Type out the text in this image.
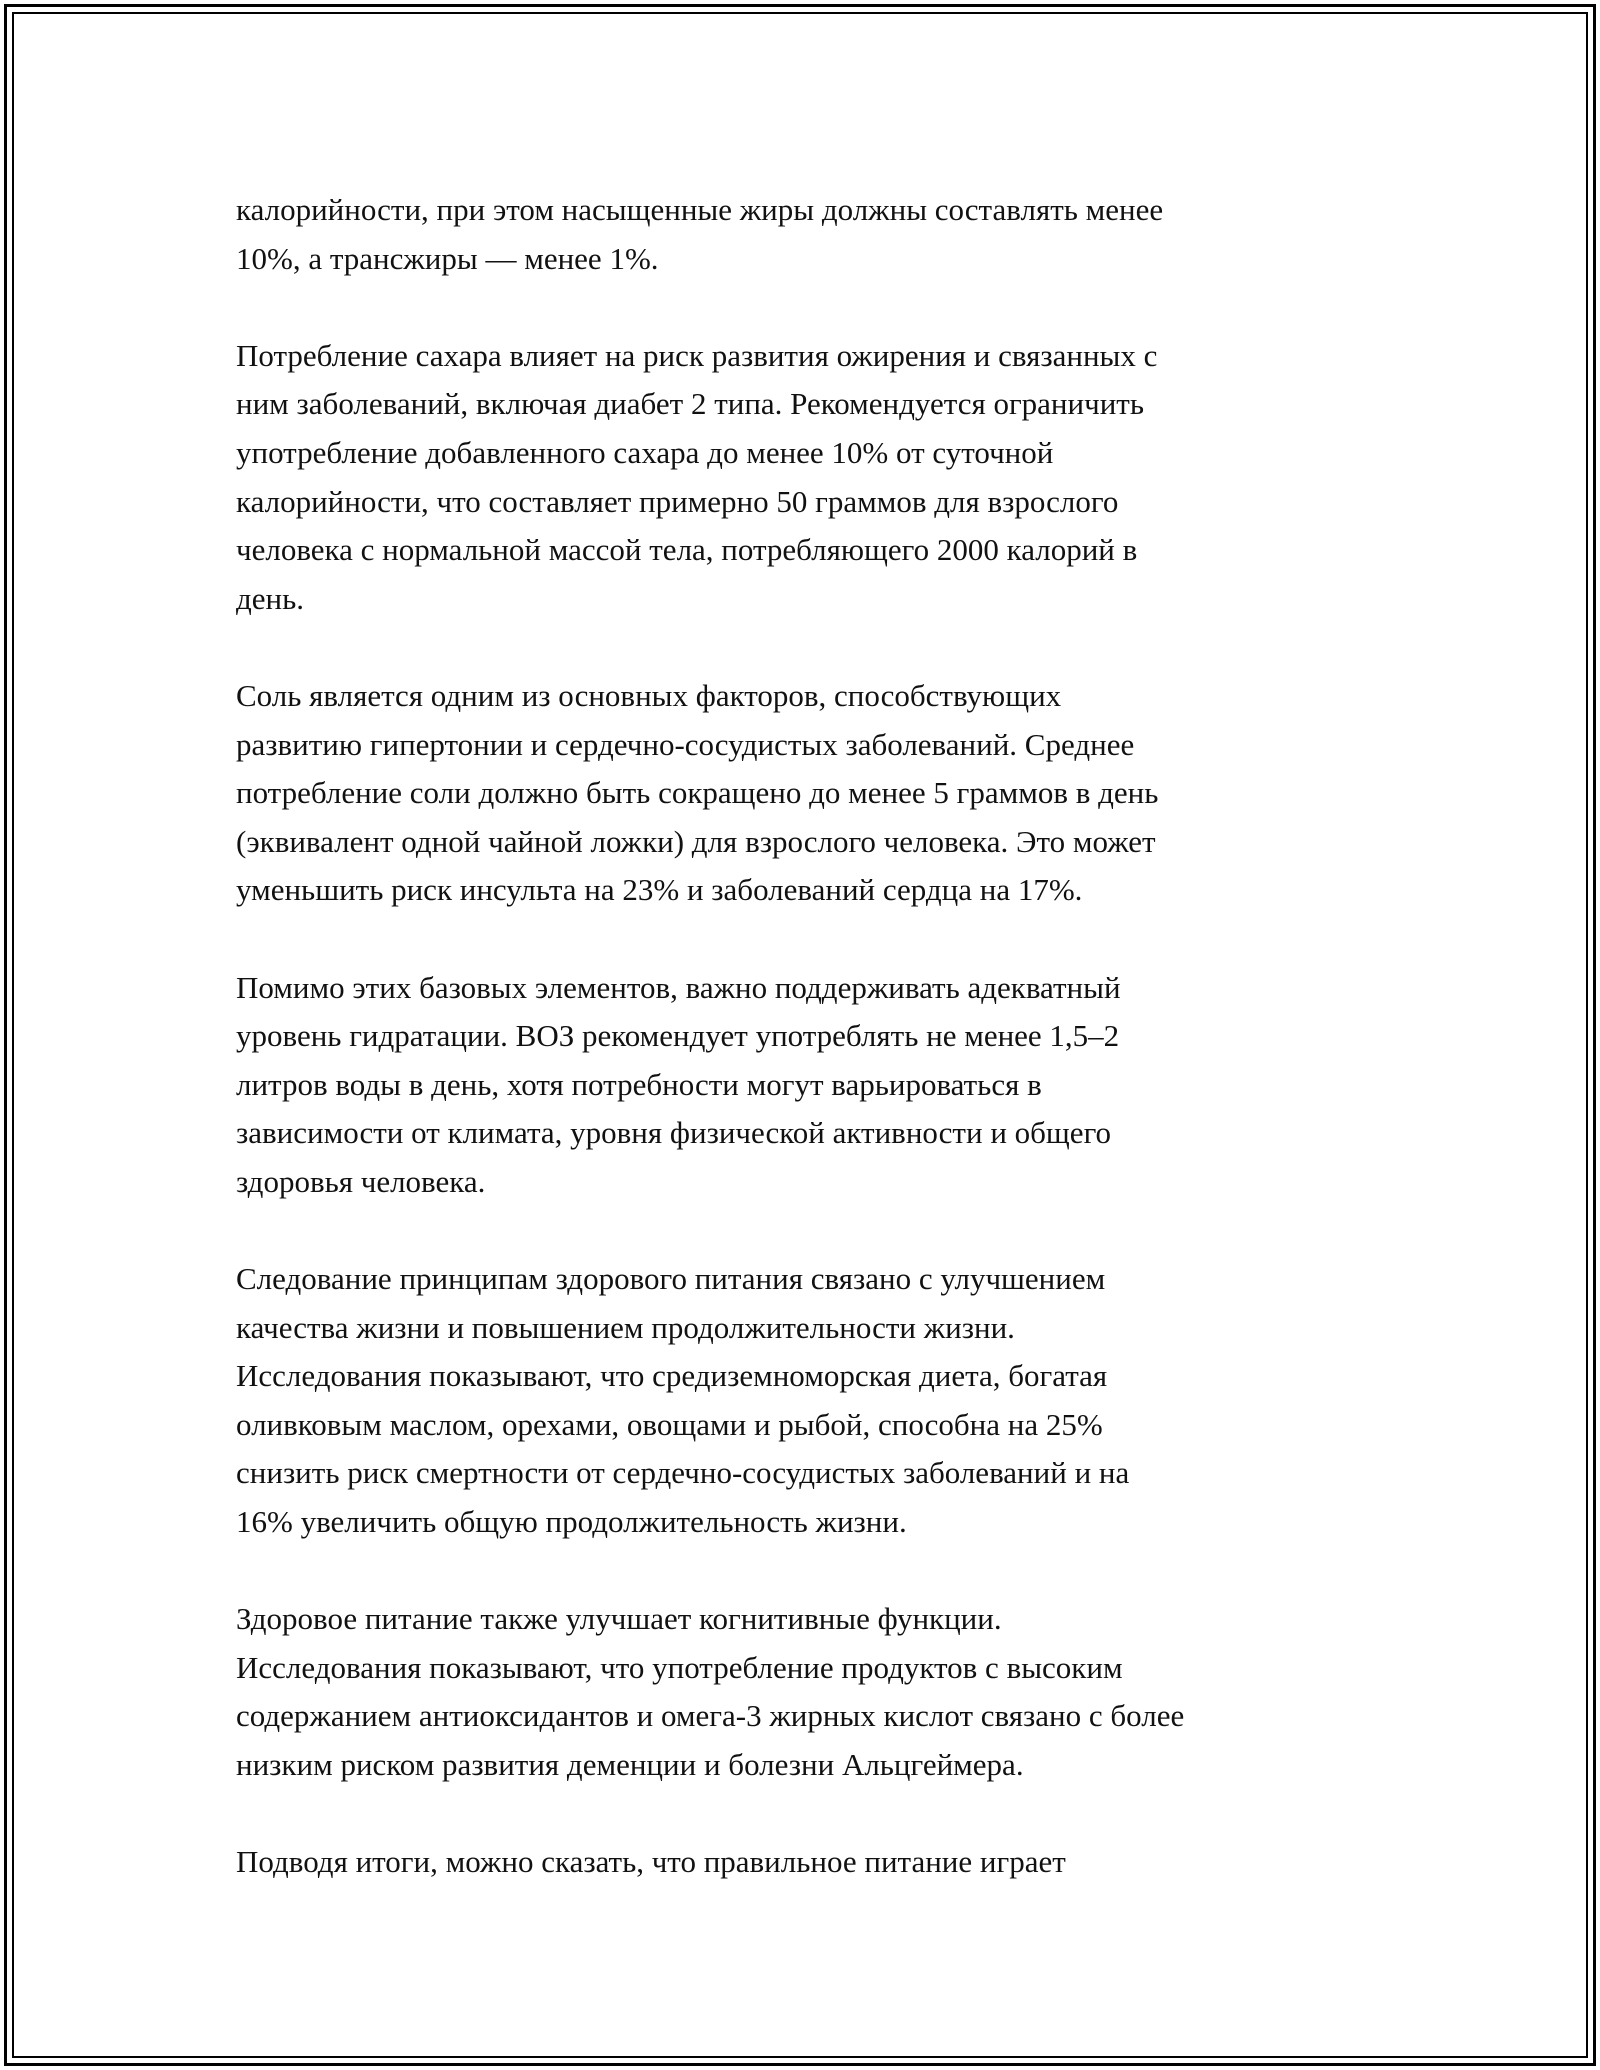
калорийности, при этом насыщенные жиры должны составлять менее
10%, а трансжиры — менее 1%.

Потребление сахара влияет на риск развития ожирения и связанных с
ним заболеваний, включая диабет 2 типа. Рекомендуется ограничить
употребление добавленного сахара до менее 10% от суточной
калорийности, что составляет примерно 50 граммов для взрослого
человека с нормальной массой тела, потребляющего 2000 калорий в
день.

Соль является одним из основных факторов, способствующих
развитию гипертонии и сердечно-сосудистых заболеваний. Среднее
потребление соли должно быть сокращено до менее 5 граммов в день
(эквивалент одной чайной ложки) для взрослого человека. Это может
уменьшить риск инсульта на 23% и заболеваний сердца на 17%.

Помимо этих базовых элементов, важно поддерживать адекватный
уровень гидратации. ВОЗ рекомендует употреблять не менее 1,5–2
литров воды в день, хотя потребности могут варьироваться в
зависимости от климата, уровня физической активности и общего
здоровья человека.

Следование принципам здорового питания связано с улучшением
качества жизни и повышением продолжительности жизни.
Исследования показывают, что средиземноморская диета, богатая
оливковым маслом, орехами, овощами и рыбой, способна на 25%
снизить риск смертности от сердечно-сосудистых заболеваний и на
16% увеличить общую продолжительность жизни.

Здоровое питание также улучшает когнитивные функции.
Исследования показывают, что употребление продуктов с высоким
содержанием антиоксидантов и омега-3 жирных кислот связано с более
низким риском развития деменции и болезни Альцгеймера.

Подводя итоги, можно сказать, что правильное питание играет
